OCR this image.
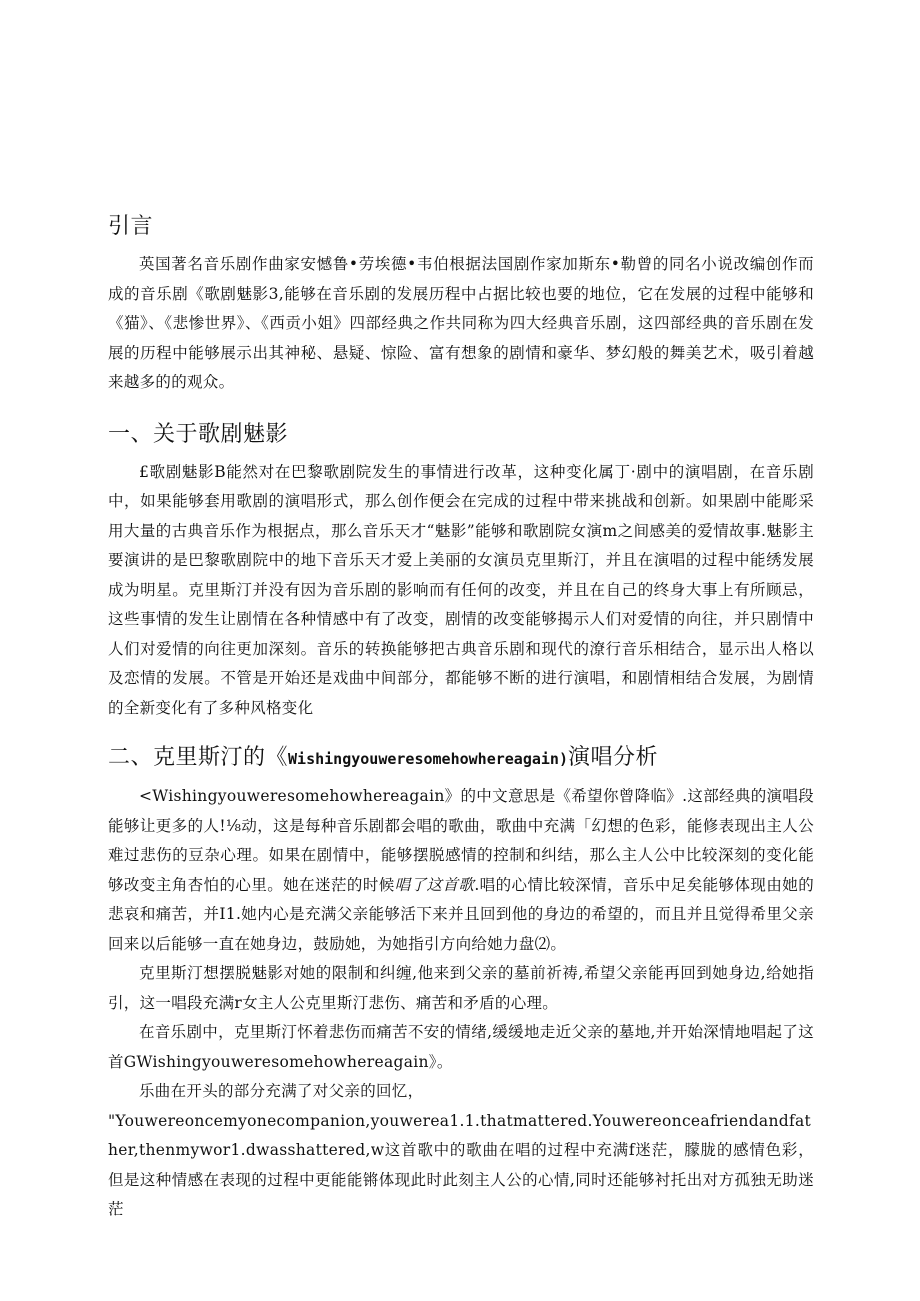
引言

英国著名音乐剧作曲家安憾鲁•劳埃德•韦伯根据法国剧作家加斯东•勒曾的同名小说改编创作而成的音乐剧《歌剧魅影3,能够在音乐剧的发展历程中占据比较也要的地位，它在发展的过程中能够和《猫》、《悲惨世界》、《西贡小姐》四部经典之作共同称为四大经典音乐剧，这四部经典的音乐剧在发展的历程中能够展示出其神秘、悬疑、惊险、富有想象的剧情和豪华、梦幻般的舞美艺术，吸引着越来越多的的观众。

一、关于歌剧魅影

£歌剧魅影B能然对在巴黎歌剧院发生的事情进行改革，这种变化属丁·剧中的演唱剧，在音乐剧中，如果能够套用歌剧的演唱形式，那么创作便会在完成的过程中带来挑战和创新。如果剧中能彫采用大量的古典音乐作为根据点，那么音乐天才“魅影”能够和歌剧院女演m之间感美的爱情故事.魅影主要演讲的是巴黎歌剧院中的地下音乐天才爱上美丽的女演员克里斯汀，并且在演唱的过程中能绣发展成为明星。克里斯汀并没有因为音乐剧的影响而有任何的改变，并且在自己的终身大事上有所顾忌，这些事情的发生让剧情在各种情感中有了改变，剧情的改变能够揭示人们对爱情的向往，并只剧情中人们对爱情的向往更加深刻。音乐的转换能够把古典音乐剧和现代的潦行音乐相结合，显示出人格以及恋情的发展。不管是开始还是戏曲中间部分，都能够不断的进行演唱，和剧情相结合发展，为剧情的全新变化有了多种风格变化

二、克里斯汀的《Wishingyouweresomehowhereagain)演唱分析

<Wishingyouweresomehowhereagain》的中文意思是《希望你曾降临》.这部经典的演唱段能够让更多的人!⅛动，这是每种音乐剧都会唱的歌曲，歌曲中充满「幻想的色彩，能修表现出主人公难过悲伤的豆杂心理。如果在剧情中，能够摆脱感情的控制和纠结，那么主人公中比较深刻的变化能够改变主角杏怕的心里。她在迷茫的时候唱了这首歌.唱的心情比较深情，音乐中足矣能够体现由她的悲哀和痛苦，并I1.她内心是充满父亲能够活下来并且回到他的身边的希望的，而且并且觉得希里父亲回来以后能够一直在她身边，鼓励她，为她指引方向给她力盘⑵。

克里斯汀想摆脱魅影对她的限制和纠缠,他来到父亲的墓前祈祷,希望父亲能再回到她身边,给她指引，这一唱段充满r女主人公克里斯汀悲伤、痛苦和矛盾的心理。

在音乐剧中，克里斯汀怀着悲伤而痛苦不安的情绪,缓缓地走近父亲的墓地,并开始深情地唱起了这首GWishingyouweresomehowhereagain》。

乐曲在开头的部分充满了对父亲的回忆，

"Youwereoncemyonecompanion,youwerea1.1.thatmattered.Youwereonceafriendandfather,thenmywor1.dwasshattered,w这首歌中的歌曲在唱的过程中充满f迷茫，朦胧的感情色彩，但是这种情感在表现的过程中更能能锵体现此时此刻主人公的心情,同时还能够衬托出对方孤独无助迷茫
